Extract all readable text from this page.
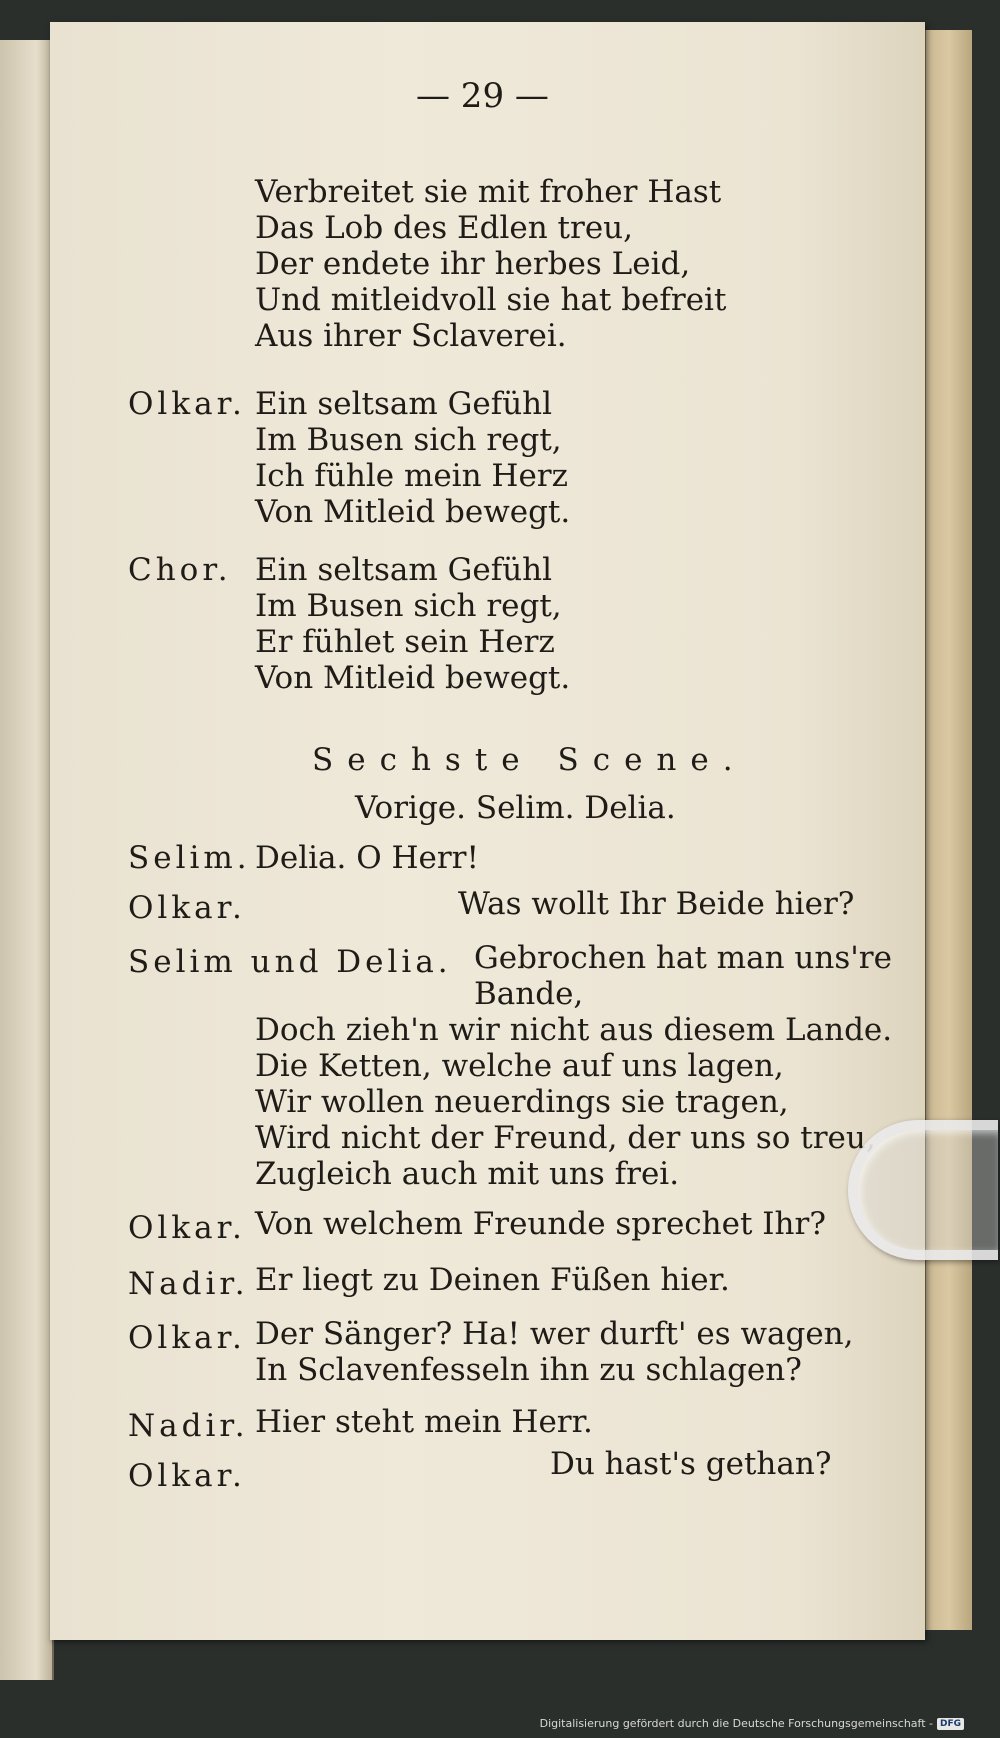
— 29 —
Verbreitet sie mit froher Hast
Das Lob des Edlen treu,
Der endete ihr herbes Leid,
Und mitleidvoll sie hat befreit
Aus ihrer Sclaverei.
Olkar. Ein seltsam Gefühl
Im Busen sich regt,
Ich fühle mein Herz
Von Mitleid bewegt.
Chor. Ein seltsam Gefühl
Im Busen sich regt,
Er fühlet sein Herz
Von Mitleid bewegt.
Sechste Scene.
Vorige. Selim. Delia.
Selim. Delia. O Herr!
Olkar.	Was wollt Ihr Beide hier?
Selim und Delia. Gebrochen hat man uns're
Bande,
Doch zieh'n wir nicht aus diesem Lande.
Die Ketten, welche auf uns lagen,
Wir wollen neuerdings sie tragen,
Wird nicht der Freund, der uns so treu,
Zugleich auch mit uns frei.
Olkar. Von welchem Freunde sprechet Ihr?
Nadir. Er liegt zu Deinen Füßen hier.
Olkar. Der Sänger? Ha! wer durft' es wagen,
In Sclavenfesseln ihn zu schlagen?
Nadir. Hier steht mein Herr.
Olkar.	Du hast's gethan?
Digitalisierung gefördert durch die Deutsche Forschungsgemeinschaft - DFG
